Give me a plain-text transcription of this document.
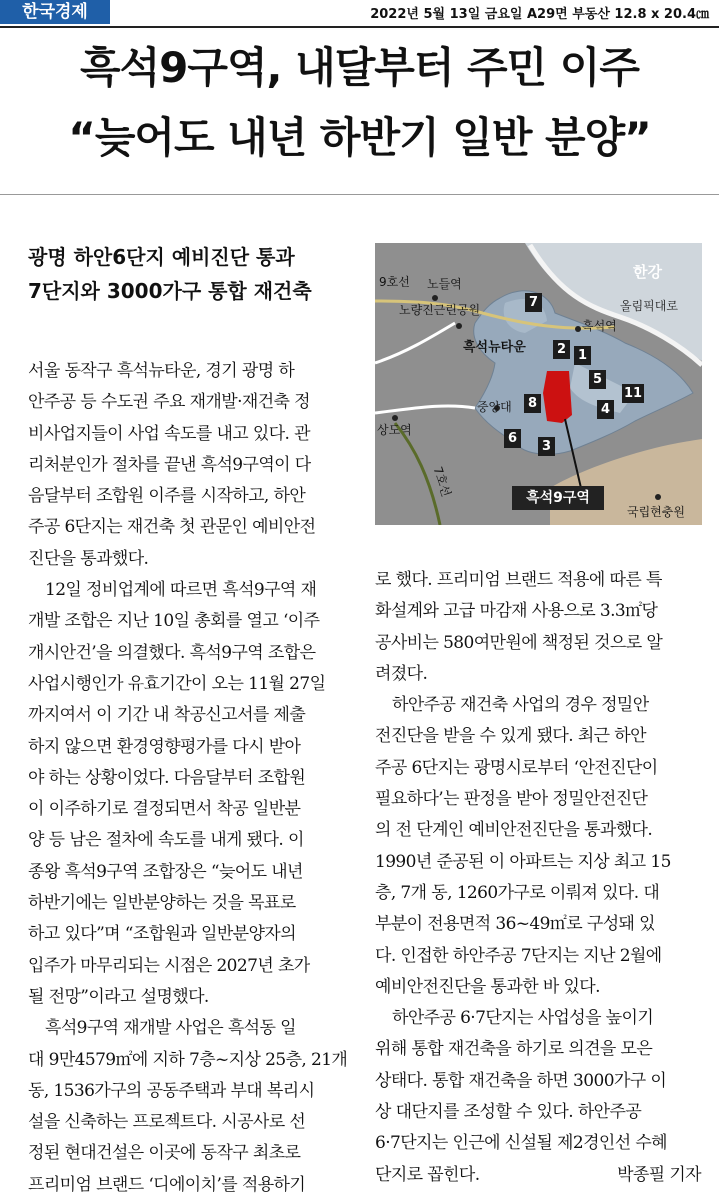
한국경제	2022년 5월 13일 금요일 A29면 부동산 12.8 x 20.4㎝
흑석9구역, 내달부터 주민 이주
“늦어도 내년 하반기 일반 분양”
광명 하안6단지 예비진단 통과
7단지와 3000가구 통합 재건축
한강
올림픽대로
9호선 노들역
노량진근린공원
흑석역
흑석뉴타운
중앙대
상도역
7호선
국립현충원
7
2 1
5
11
8	4
6
3
흑석9구역

서울 동작구 흑석뉴타운, 경기 광명 하

안주공 등 수도권 주요 재개발·재건축 정

비사업지들이 사업 속도를 내고 있다. 관

리처분인가 절차를 끝낸 흑석9구역이 다

음달부터 조합원 이주를 시작하고, 하안

주공 6단지는 재건축 첫 관문인 예비안전

진단을 통과했다.

12일 정비업계에 따르면 흑석9구역 재

개발 조합은 지난 10일 총회를 열고 ‘이주

개시안건’을 의결했다. 흑석9구역 조합은

사업시행인가 유효기간이 오는 11월 27일

까지여서 이 기간 내 착공신고서를 제출

하지 않으면 환경영향평가를 다시 받아

야 하는 상황이었다. 다음달부터 조합원

이 이주하기로 결정되면서 착공 일반분

양 등 남은 절차에 속도를 내게 됐다. 이

종왕 흑석9구역 조합장은 “늦어도 내년

하반기에는 일반분양하는 것을 목표로

하고 있다”며 “조합원과 일반분양자의

입주가 마무리되는 시점은 2027년 초가

될 전망”이라고 설명했다.

흑석9구역 재개발 사업은 흑석동 일

대 9만4579㎡에 지하 7층~지상 25층, 21개

동, 1536가구의 공동주택과 부대 복리시

설을 신축하는 프로젝트다. 시공사로 선

정된 현대건설은 이곳에 동작구 최초로

프리미엄 브랜드 ‘디에이치’를 적용하기

로 했다. 프리미엄 브랜드 적용에 따른 특

화설계와 고급 마감재 사용으로 3.3㎡당

공사비는 580여만원에 책정된 것으로 알

려졌다.

하안주공 재건축 사업의 경우 정밀안

전진단을 받을 수 있게 됐다. 최근 하안

주공 6단지는 광명시로부터 ‘안전진단이

필요하다’는 판정을 받아 정밀안전진단

의 전 단계인 예비안전진단을 통과했다.

1990년 준공된 이 아파트는 지상 최고 15

층, 7개 동, 1260가구로 이뤄져 있다. 대

부분이 전용면적 36~49㎡로 구성돼 있

다. 인접한 하안주공 7단지는 지난 2월에

예비안전진단을 통과한 바 있다.

하안주공 6·7단지는 사업성을 높이기

위해 통합 재건축을 하기로 의견을 모은

상태다. 통합 재건축을 하면 3000가구 이

상 대단지를 조성할 수 있다. 하안주공

6·7단지는 인근에 신설될 제2경인선 수혜

단지로 꼽힌다.	박종필 기자
